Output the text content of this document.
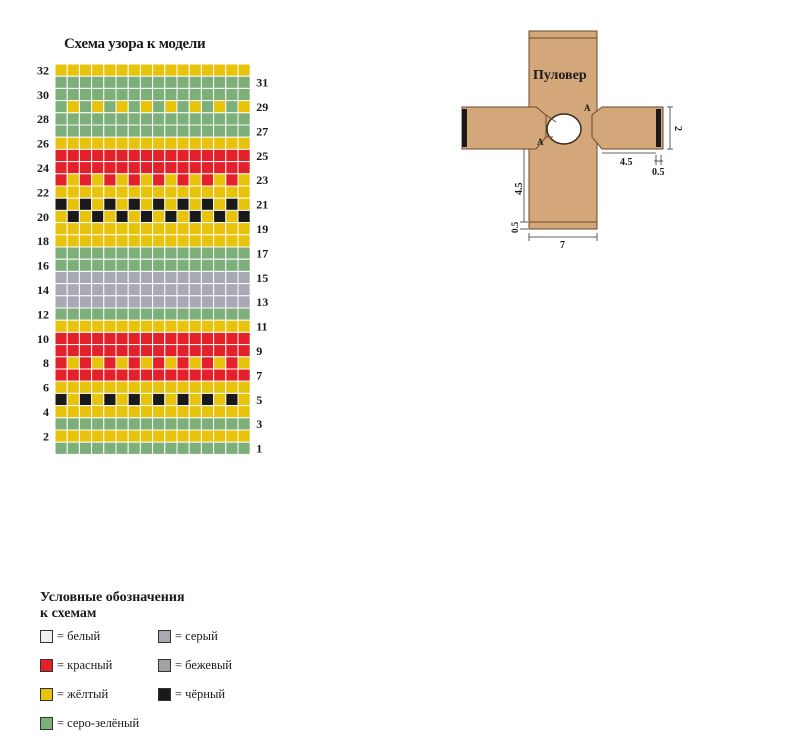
Схема узора к модели
32
30
28
26
24
22
20
18
16
14
12
10
8
6
4
2
31
29
27
25
23
21
19
17
15
13
11
9
7
5
3
1
Пуловер
А
А
2
4.5
0.5
4.5
0.5
7
Условные обозначения
к схемам
= белый	= серый
= красный	= бежевый
= жёлтый	= чёрный
= серо-зелёный
